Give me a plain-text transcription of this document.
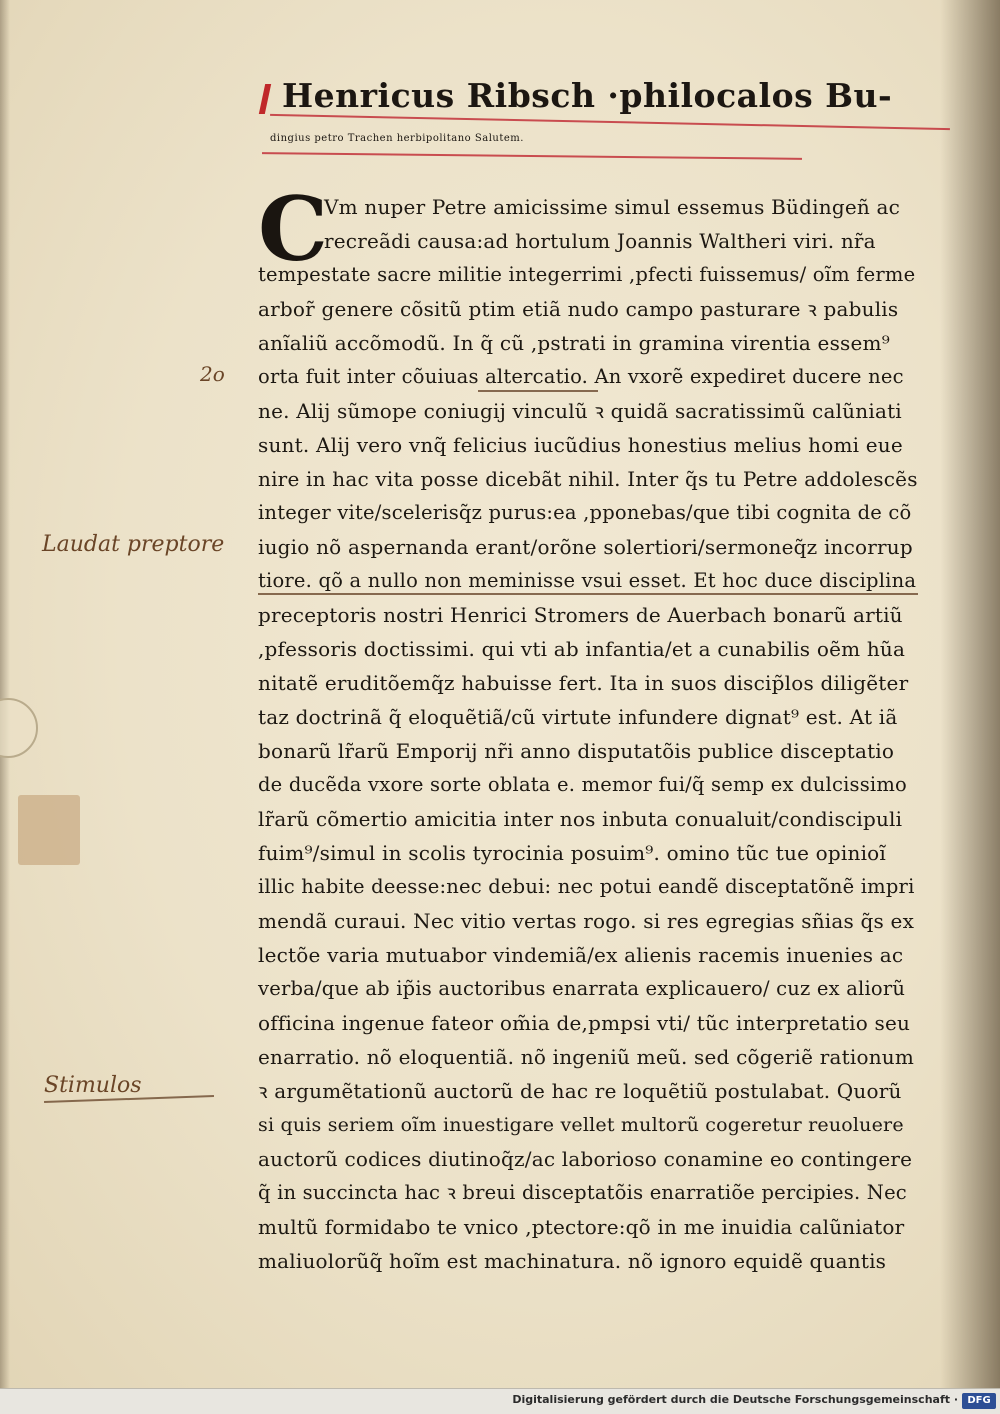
Henricus Ribsch ·philocalos Bu-
dingius petro Trachen herbipolitano Salutem.
C
Vm nuper Petre amicissime simul essemus Büdingeñ ac
recreãdi causa:ad hortulum Joannis Waltheri viri. nr̃a
tempestate sacre militie integerrimi ,pfecti fuissemus/ oĩm ferme
arbor̃ genere cõsitũ ptim etiã nudo campo pasturare ꝛ pabulis
anĩaliũ accõmodũ. In q̃ cũ ,pstrati in gramina virentia essem⁹
orta fuit inter cõuiuas altercatio. An vxorẽ expediret ducere nec
ne. Alij sũmope coniugij vinculũ ꝛ quidã sacratissimũ calũniati
sunt. Alij vero vnq̃ felicius iucũdius honestius melius homi eue
nire in hac vita posse dicebãt nihil. Inter q̃s tu Petre addolescẽs
integer vite/scelerisq̃z purus:ea ,pponebas/que tibi cognita de cõ
iugio nõ aspernanda erant/orõne solertiori/sermoneq̃z incorrup
tiore. qõ a nullo non meminisse vsui esset. Et hoc duce disciplina
preceptoris nostri Henrici Stromers de Auerbach bonarũ artiũ
,pfessoris doctissimi. qui vti ab infantia/et a cunabilis oẽm hũa
nitatẽ eruditõemq̃z habuisse fert. Ita in suos discip̃los diligẽter
taz doctrinã q̃ eloquẽtiã/cũ virtute infundere dignat⁹ est. At iã
bonarũ lr̃arũ Emporij nr̃i anno disputatõis publice disceptatio
de ducẽda vxore sorte oblata e. memor fui/q̃ semp ex dulcissimo
lr̃arũ cõmertio amicitia inter nos inbuta conualuit/condiscipuli
fuim⁹/simul in scolis tyrocinia posuim⁹. omino tũc tue opinioĩ
illic habite deesse:nec debui: nec potui eandẽ disceptatõnẽ impri
mendã curaui. Nec vitio vertas rogo. si res egregias sñias q̃s ex
lectõe varia mutuabor vindemiã/ex alienis racemis inuenies ac
verba/que ab ip̃is auctoribus enarrata explicauero/ cuz ex aliorũ
officina ingenue fateor om̃ia de,pmpsi vti/ tũc interpretatio seu
enarratio. nõ eloquentiã. nõ ingeniũ meũ. sed cõgeriẽ rationum
ꝛ argumẽtationũ auctorũ de hac re loquẽtiũ postulabat. Quorũ
si quis seriem oĩm inuestigare vellet multorũ cogeretur reuoluere
auctorũ codices diutinoq̃z/ac laborioso conamine eo contingere
q̃ in succincta hac ꝛ breui disceptatõis enarratiõe percipies. Nec
multũ formidabo te vnico ,ptectore:qõ in me inuidia calũniator
maliuolorũq̃ hoĩm est machinatura. nõ ignoro equidẽ quantis
2o
Laudat preptore
Stimulos
Digitalisierung gefördert durch die Deutsche Forschungsgemeinschaft · DFG
